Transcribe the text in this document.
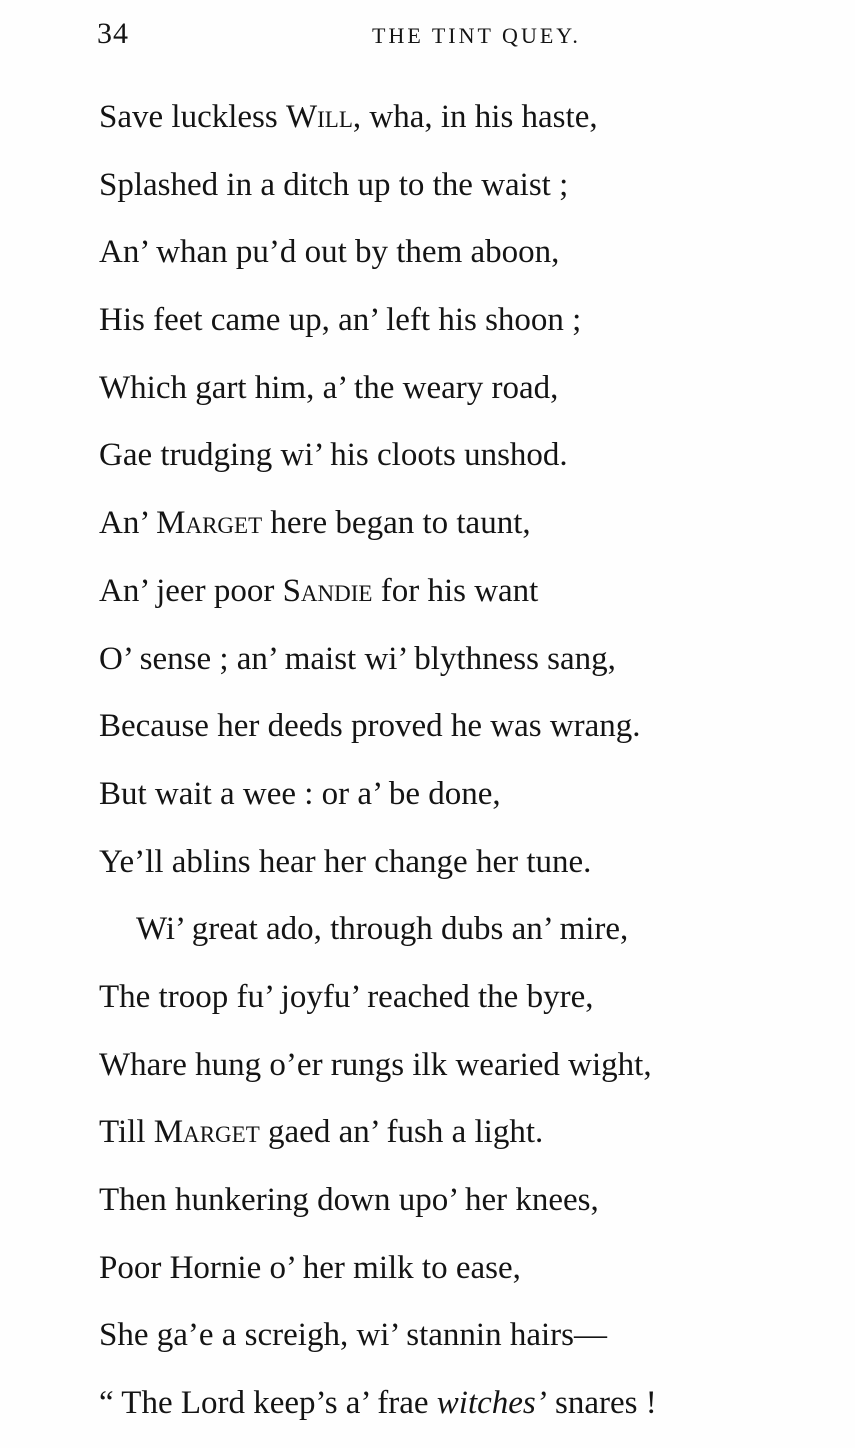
34	THE TINT QUEY.
Save luckless Will, wha, in his haste,
Splashed in a ditch up to the waist ;
An’ whan pu’d out by them aboon,
His feet came up, an’ left his shoon ;
Which gart him, a’ the weary road,
Gae trudging wi’ his cloots unshod.
An’ Marget here began to taunt,
An’ jeer poor Sandie for his want
O’ sense ; an’ maist wi’ blythness sang,
Because her deeds proved he was wrang.
But wait a wee : or a’ be done,
Ye’ll ablins hear her change her tune.
Wi’ great ado, through dubs an’ mire,
The troop fu’ joyfu’ reached the byre,
Whare hung o’er rungs ilk wearied wight,
Till Marget gaed an’ fush a light.
Then hunkering down upo’ her knees,
Poor Hornie o’ her milk to ease,
She ga’e a screigh, wi’ stannin hairs—
“ The Lord keep’s a’ frae witches’ snares !
